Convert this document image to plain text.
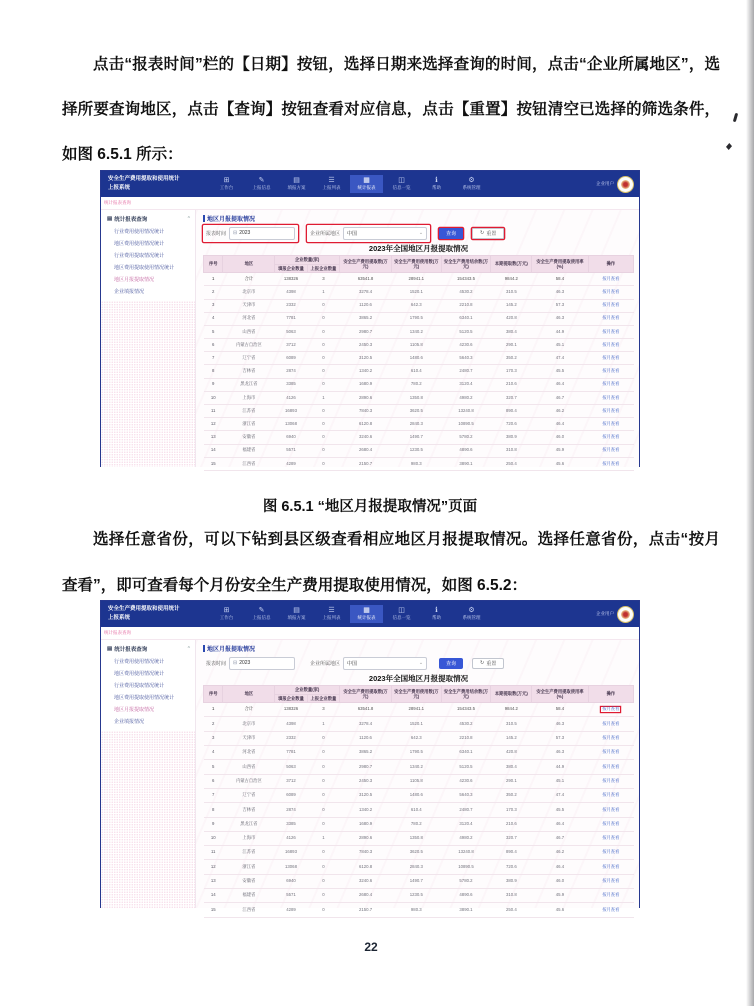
点击“报表时间”栏的【日期】按钮，选择日期来选择查询的时间，点击“企业所属地区”，选择所要查询地区，点击【查询】按钮查看对应信息，点击【重置】按钮清空已选择的筛选条件，如图 6.5.1 所示：

安全生产费用提取和使用统计
上报系统
⊞
工作台
✎
上报信息
▤
填报方案
☰
上报列表
▦
统计报表
◫
信息一览
ℹ
帮助
⚙
系统管理
企业用户
统计报表查询
▤ 统计报表查询	⌃
行业费用使用情况统计
地区费用使用情况统计
行业费用提取情况统计
地区费用提取使用情况统计
地区月报提取情况
企业填报情况
地区月报提取情况
报表时间 ⊟ 2023	企业所属地区 中国	⌄	查询	↻ 重置
2023年全国地区月报提取情况
序号	地区	企业数量(家)		安全生产费用提取数(万元)	安全生产费用使用数(万元)	安全生产费用结余数(万元)	本期提取数(万元)	安全生产费用提取使用率(%)	操作
		填报企业数量	上报企业数量						
1	合计	138326	3	63541.8	28941.1	154343.5	9844.2	58.4	按月查看
2	北京市	4398	1	3278.4	1520.1	4530.2	310.5	46.3	按月查看
3	天津市	2332	0	1120.6	642.3	2210.8	145.2	57.3	按月查看
4	河北省	7781	0	3865.2	1790.5	6340.1	420.8	46.3	按月查看
5	山西省	5063	0	2980.7	1340.2	5120.5	380.4	44.9	按月查看
6	内蒙古自治区	3712	0	2450.3	1105.8	4230.6	290.1	45.1	按月查看
7	辽宁省	6089	0	3120.5	1480.6	5640.3	350.2	47.4	按月查看
8	吉林省	2874	0	1340.2	610.4	2480.7	170.3	45.5	按月查看
9	黑龙江省	3385	0	1680.9	780.2	3120.4	210.6	46.4	按月查看
10	上海市	4126	1	2890.6	1350.8	4980.2	320.7	46.7	按月查看
11	江苏省	16893	0	7840.3	3620.5	13240.8	890.4	46.2	按月查看
12	浙江省	13068	0	6120.8	2840.3	10890.5	720.6	46.4	按月查看
13	安徽省	6940	0	3240.6	1490.7	5780.2	380.9	46.0	按月查看
14	福建省	5571	0	2680.4	1230.5	4890.6	310.8	45.9	按月查看
15	江西省	4289	0	2150.7	980.3	3890.1	250.4	45.6	按月查看

图 6.5.1 “地区月报提取情况”页面

选择任意省份，可以下钻到县区级查看相应地区月报提取情况。选择任意省份，点击“按月查看”，即可查看每个月份安全生产费用提取使用情况，如图 6.5.2：

安全生产费用提取和使用统计
上报系统
⊞
工作台
✎
上报信息
▤
填报方案
☰
上报列表
▦
统计报表
◫
信息一览
ℹ
帮助
⚙
系统管理
企业用户
统计报表查询
▤ 统计报表查询	⌃
行业费用使用情况统计
地区费用使用情况统计
行业费用提取情况统计
地区费用提取使用情况统计
地区月报提取情况
企业填报情况
地区月报提取情况
报表时间 ⊟ 2023	企业所属地区 中国	⌄	查询	↻ 重置
2023年全国地区月报提取情况
序号	地区	企业数量(家)		安全生产费用提取数(万元)	安全生产费用使用数(万元)	安全生产费用结余数(万元)	本期提取数(万元)	安全生产费用提取使用率(%)	操作
		填报企业数量	上报企业数量						
1	合计	138326	3	63541.8	28941.1	154343.5	9844.2	58.4	按月查看
2	北京市	4398	1	3278.4	1520.1	4530.2	310.5	46.3	按月查看
3	天津市	2332	0	1120.6	642.3	2210.8	145.2	57.3	按月查看
4	河北省	7781	0	3865.2	1790.5	6340.1	420.8	46.3	按月查看
5	山西省	5063	0	2980.7	1340.2	5120.5	380.4	44.9	按月查看
6	内蒙古自治区	3712	0	2450.3	1105.8	4230.6	290.1	45.1	按月查看
7	辽宁省	6089	0	3120.5	1480.6	5640.3	350.2	47.4	按月查看
8	吉林省	2874	0	1340.2	610.4	2480.7	170.3	45.5	按月查看
9	黑龙江省	3385	0	1680.9	780.2	3120.4	210.6	46.4	按月查看
10	上海市	4126	1	2890.6	1350.8	4980.2	320.7	46.7	按月查看
11	江苏省	16893	0	7840.3	3620.5	13240.8	890.4	46.2	按月查看
12	浙江省	13068	0	6120.8	2840.3	10890.5	720.6	46.4	按月查看
13	安徽省	6940	0	3240.6	1490.7	5780.2	380.9	46.0	按月查看
14	福建省	5571	0	2680.4	1230.5	4890.6	310.8	45.9	按月查看
15	江西省	4289	0	2150.7	980.3	3890.1	250.4	45.6	按月查看
22
